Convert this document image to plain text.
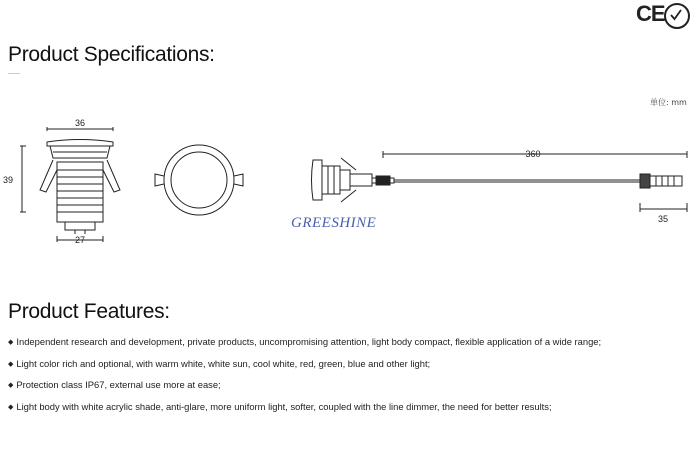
CE
Product Specifications:
单位: mm
36
39
27
360
35
GREESHINE
Product Features:
◆ Independent research and development, private products, uncompromising attention, light body compact, flexible application of a wide range;
◆ Light color rich and optional, with warm white, white sun, cool white, red, green, blue and other light;
◆ Protection class IP67, external use more at ease;
◆ Light body with white acrylic shade, anti-glare, more uniform light, softer, coupled with the line dimmer, the need for better results;
